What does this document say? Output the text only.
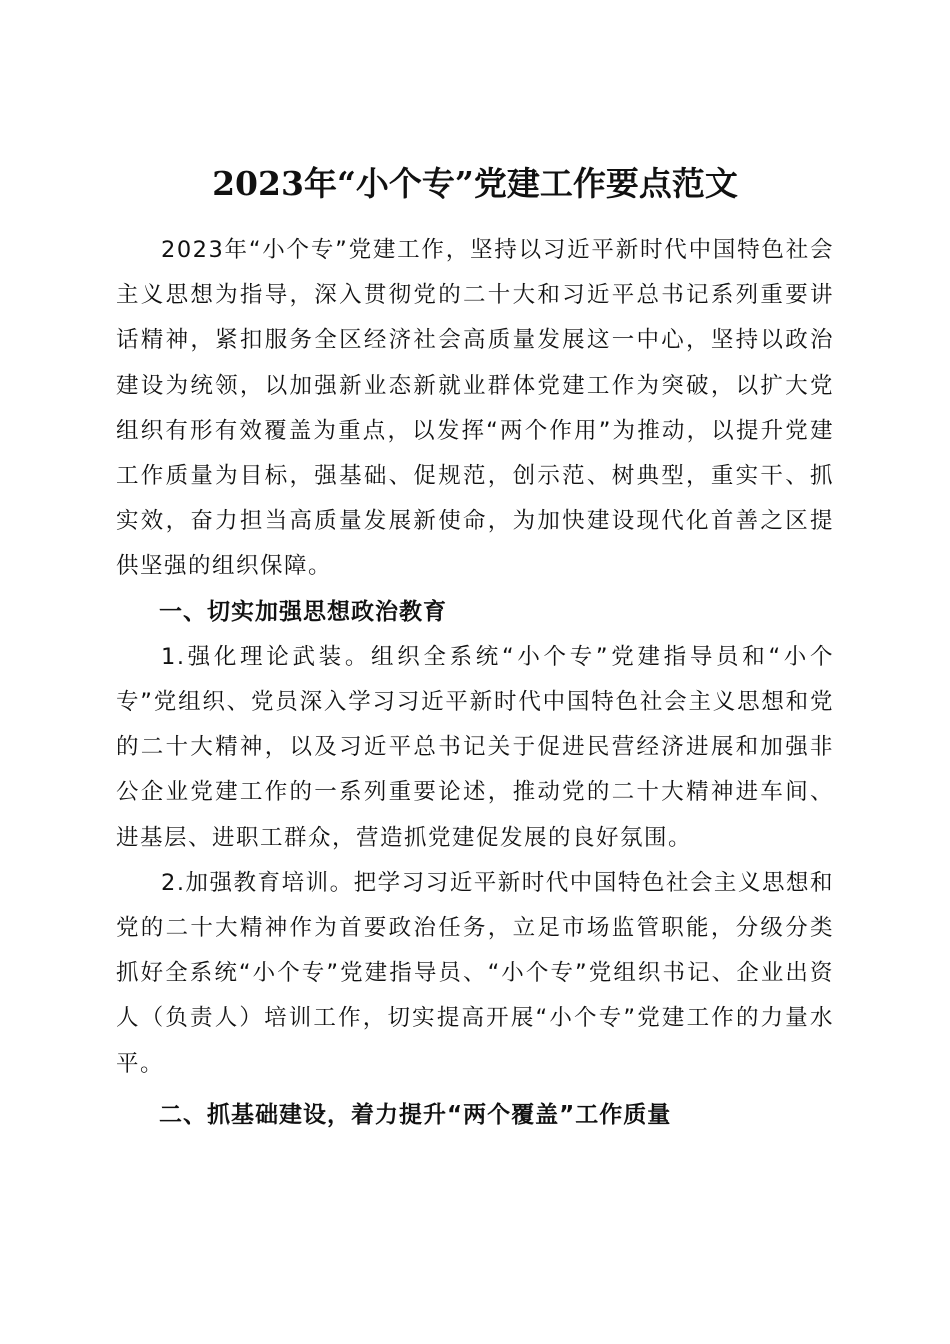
2023年“小个专”党建工作要点范文

2023年“小个专”党建工作，坚持以习近平新时代中国特色社会主义思想为指导，深入贯彻党的二十大和习近平总书记系列重要讲话精神，紧扣服务全区经济社会高质量发展这一中心，坚持以政治建设为统领，以加强新业态新就业群体党建工作为突破，以扩大党组织有形有效覆盖为重点，以发挥“两个作用”为推动，以提升党建工作质量为目标，强基础、促规范，创示范、树典型，重实干、抓实效，奋力担当高质量发展新使命，为加快建设现代化首善之区提供坚强的组织保障。

一、切实加强思想政治教育

1.强化理论武装。组织全系统“小个专”党建指导员和“小个专”党组织、党员深入学习习近平新时代中国特色社会主义思想和党的二十大精神，以及习近平总书记关于促进民营经济进展和加强非公企业党建工作的一系列重要论述，推动党的二十大精神进车间、进基层、进职工群众，营造抓党建促发展的良好氛围。

2.加强教育培训。把学习习近平新时代中国特色社会主义思想和党的二十大精神作为首要政治任务，立足市场监管职能，分级分类抓好全系统“小个专”党建指导员、“小个专”党组织书记、企业出资人（负责人）培训工作，切实提高开展“小个专”党建工作的力量水平。

二、抓基础建设，着力提升“两个覆盖”工作质量
